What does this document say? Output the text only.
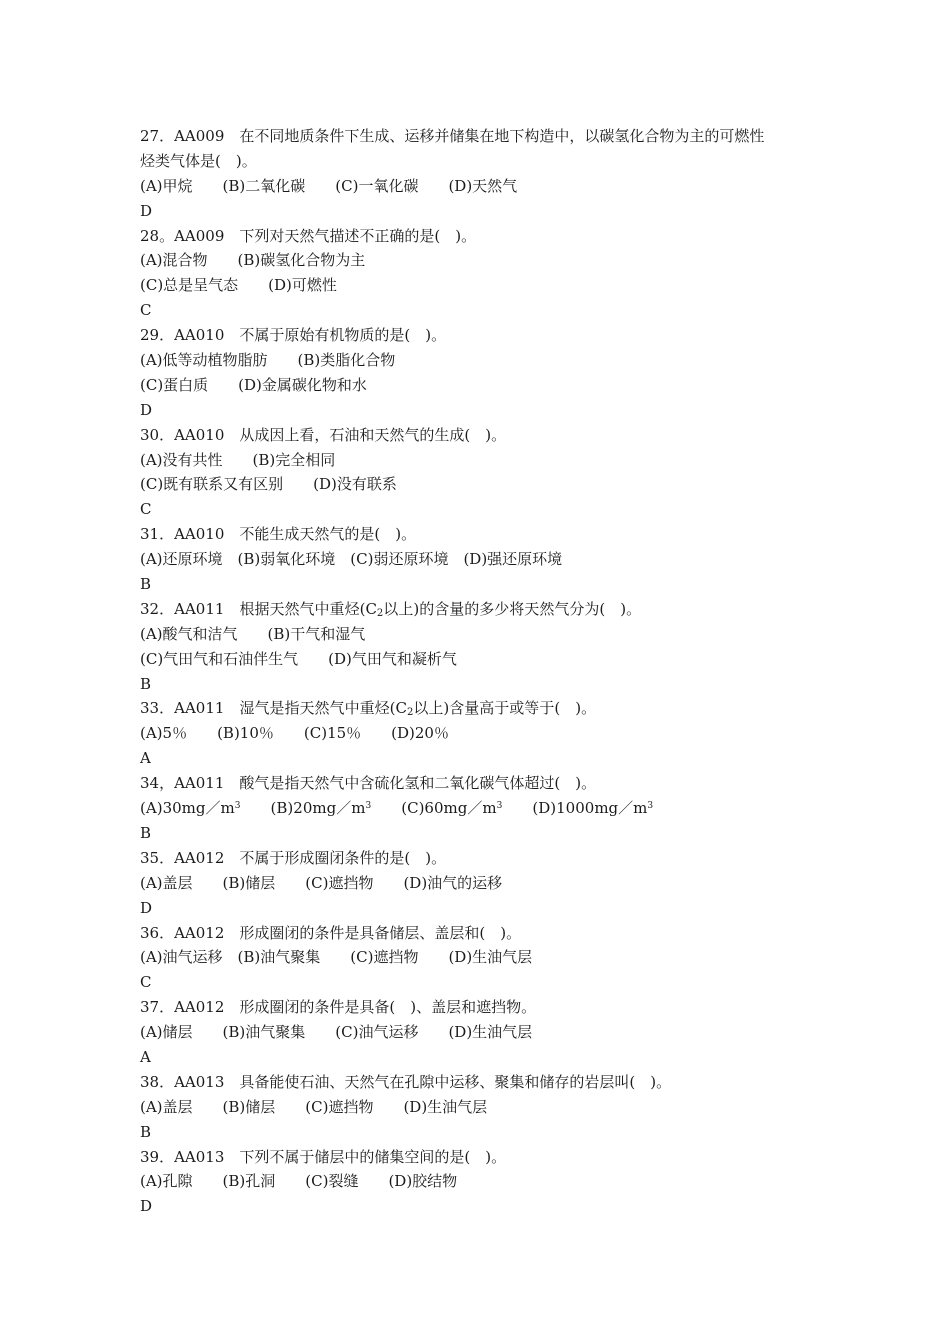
27．AA009　在不同地质条件下生成、运移并储集在地下构造中，以碳氢化合物为主的可燃性
烃类气体是(　)。
(A)甲烷　　(B)二氧化碳　　(C)一氧化碳　　(D)天然气
D
28。AA009　下列对天然气描述不正确的是(　)。
(A)混合物　　(B)碳氢化合物为主
(C)总是呈气态　　(D)可燃性
C
29．AA010　不属于原始有机物质的是(　)。
(A)低等动植物脂肪　　(B)类脂化合物
(C)蛋白质　　(D)金属碳化物和水
D
30．AA010　从成因上看，石油和天然气的生成(　)。
(A)没有共性　　(B)完全相同
(C)既有联系又有区别　　(D)没有联系
C
31．AA010　不能生成天然气的是(　)。
(A)还原环境　(B)弱氧化环境　(C)弱还原环境　(D)强还原环境
B
32．AA011　 根据天然气中重烃($C_2$以上)的含量的多少将天然气分为(　 )。
(A)酸气和洁气　　(B)干气和湿气
(C)气田气和石油伴生气　　(D)气田气和凝析气
B
33．AA011　 湿气是指天然气中重烃($C_2$以上)含量高于或等于(　 )。
(A)5％　　(B)10％　　(C)15％　　(D)20％
A
34，AA011　酸气是指天然气中含硫化氢和二氧化碳气体超过(　)。
$(A)30mg/m^3$　　 $(B)20mg/m^3$　　 $(C)60mg/m^3$　　 $(D)1000mg/m^3$
B
35．AA012　不属于形成圈闭条件的是(　)。
(A)盖层　　(B)储层　　(C)遮挡物　　(D)油气的运移
D
36．AA012　形成圈闭的条件是具备储层、盖层和(　)。
(A)油气运移　(B)油气聚集　　(C)遮挡物　　(D)生油气层
C
37．AA012　形成圈闭的条件是具备(　)、盖层和遮挡物。
(A)储层　　(B)油气聚集　　(C)油气运移　　(D)生油气层
A
38．AA013　具备能使石油、天然气在孔隙中运移、聚集和储存的岩层叫(　)。
(A)盖层　　(B)储层　　(C)遮挡物　　(D)生油气层
B
39．AA013　下列不属于储层中的储集空间的是(　)。
(A)孔隙　　(B)孔洞　　(C)裂缝　　(D)胶结物
D
